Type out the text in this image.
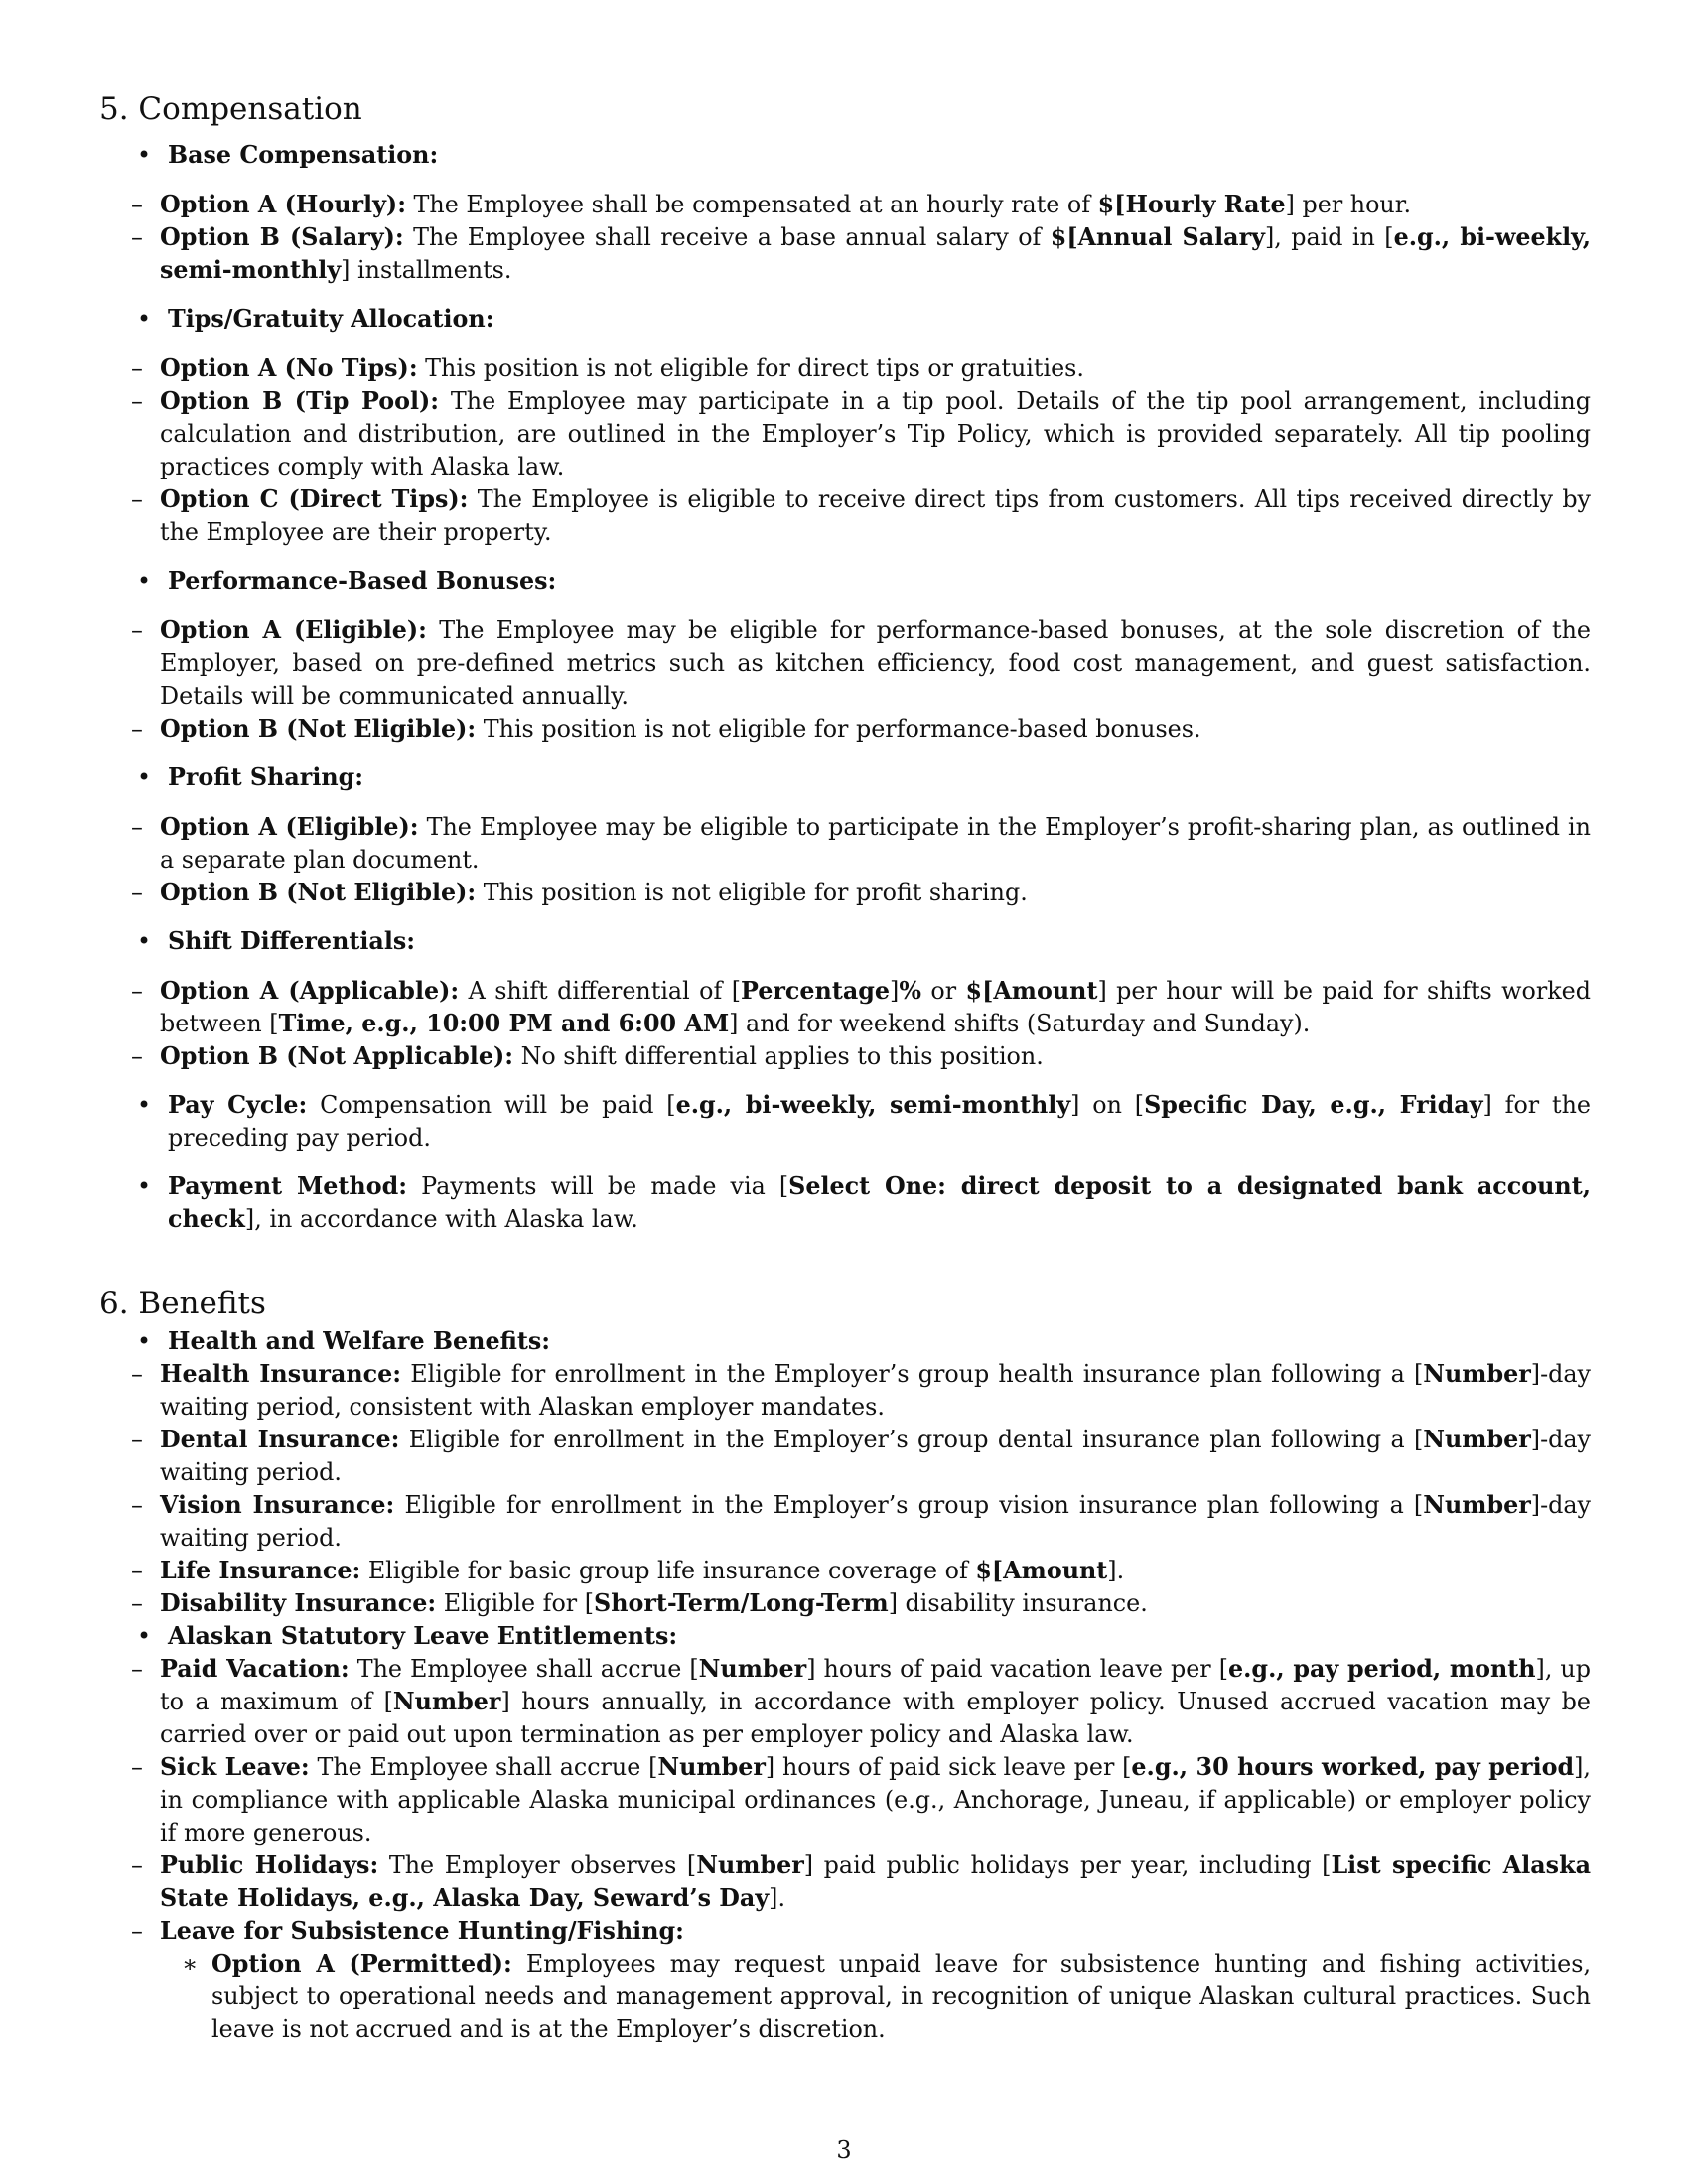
5. Compensation
• Base Compensation:
– Option A (Hourly): The Employee shall be compensated at an hourly rate of $[Hourly Rate] per hour.
– Option B (Salary): The Employee shall receive a base annual salary of $[Annual Salary], paid in [e.g., bi-weekly, semi-monthly] installments.
• Tips/Gratuity Allocation:
– Option A (No Tips): This position is not eligible for direct tips or gratuities.
– Option B (Tip Pool): The Employee may participate in a tip pool. Details of the tip pool arrangement, including calculation and distribution, are outlined in the Employer’s Tip Policy, which is provided separately. All tip pooling practices comply with Alaska law.
– Option C (Direct Tips): The Employee is eligible to receive direct tips from customers. All tips received directly by the Employee are their property.
• Performance-Based Bonuses:
– Option A (Eligible): The Employee may be eligible for performance-based bonuses, at the sole discretion of the Employer, based on pre-defined metrics such as kitchen efficiency, food cost management, and guest satisfaction. Details will be communicated annually.
– Option B (Not Eligible): This position is not eligible for performance-based bonuses.
• Profit Sharing:
– Option A (Eligible): The Employee may be eligible to participate in the Employer’s profit-sharing plan, as outlined in a separate plan document.
– Option B (Not Eligible): This position is not eligible for profit sharing.
• Shift Differentials:
– Option A (Applicable): A shift differential of [Percentage]% or $[Amount] per hour will be paid for shifts worked between [Time, e.g., 10:00 PM and 6:00 AM] and for weekend shifts (Saturday and Sunday).
– Option B (Not Applicable): No shift differential applies to this position.
• Pay Cycle: Compensation will be paid [e.g., bi-weekly, semi-monthly] on [Specific Day, e.g., Friday] for the preceding pay period.
• Payment Method: Payments will be made via [Select One: direct deposit to a designated bank account, check], in accordance with Alaska law.
6. Benefits
• Health and Welfare Benefits:
– Health Insurance: Eligible for enrollment in the Employer’s group health insurance plan following a [Number]-day waiting period, consistent with Alaskan employer mandates.
– Dental Insurance: Eligible for enrollment in the Employer’s group dental insurance plan following a [Number]-day waiting period.
– Vision Insurance: Eligible for enrollment in the Employer’s group vision insurance plan following a [Number]-day waiting period.
– Life Insurance: Eligible for basic group life insurance coverage of $[Amount].
– Disability Insurance: Eligible for [Short-Term/Long-Term] disability insurance.
• Alaskan Statutory Leave Entitlements:
– Paid Vacation: The Employee shall accrue [Number] hours of paid vacation leave per [e.g., pay period, month], up to a maximum of [Number] hours annually, in accordance with employer policy. Unused accrued vacation may be carried over or paid out upon termination as per employer policy and Alaska law.
– Sick Leave: The Employee shall accrue [Number] hours of paid sick leave per [e.g., 30 hours worked, pay period], in compliance with applicable Alaska municipal ordinances (e.g., Anchorage, Juneau, if applicable) or employer policy if more generous.
– Public Holidays: The Employer observes [Number] paid public holidays per year, including [List specific Alaska State Holidays, e.g., Alaska Day, Seward’s Day].
– Leave for Subsistence Hunting/Fishing:
∗ Option A (Permitted): Employees may request unpaid leave for subsistence hunting and fishing activities, subject to operational needs and management approval, in recognition of unique Alaskan cultural practices. Such leave is not accrued and is at the Employer’s discretion.
3
